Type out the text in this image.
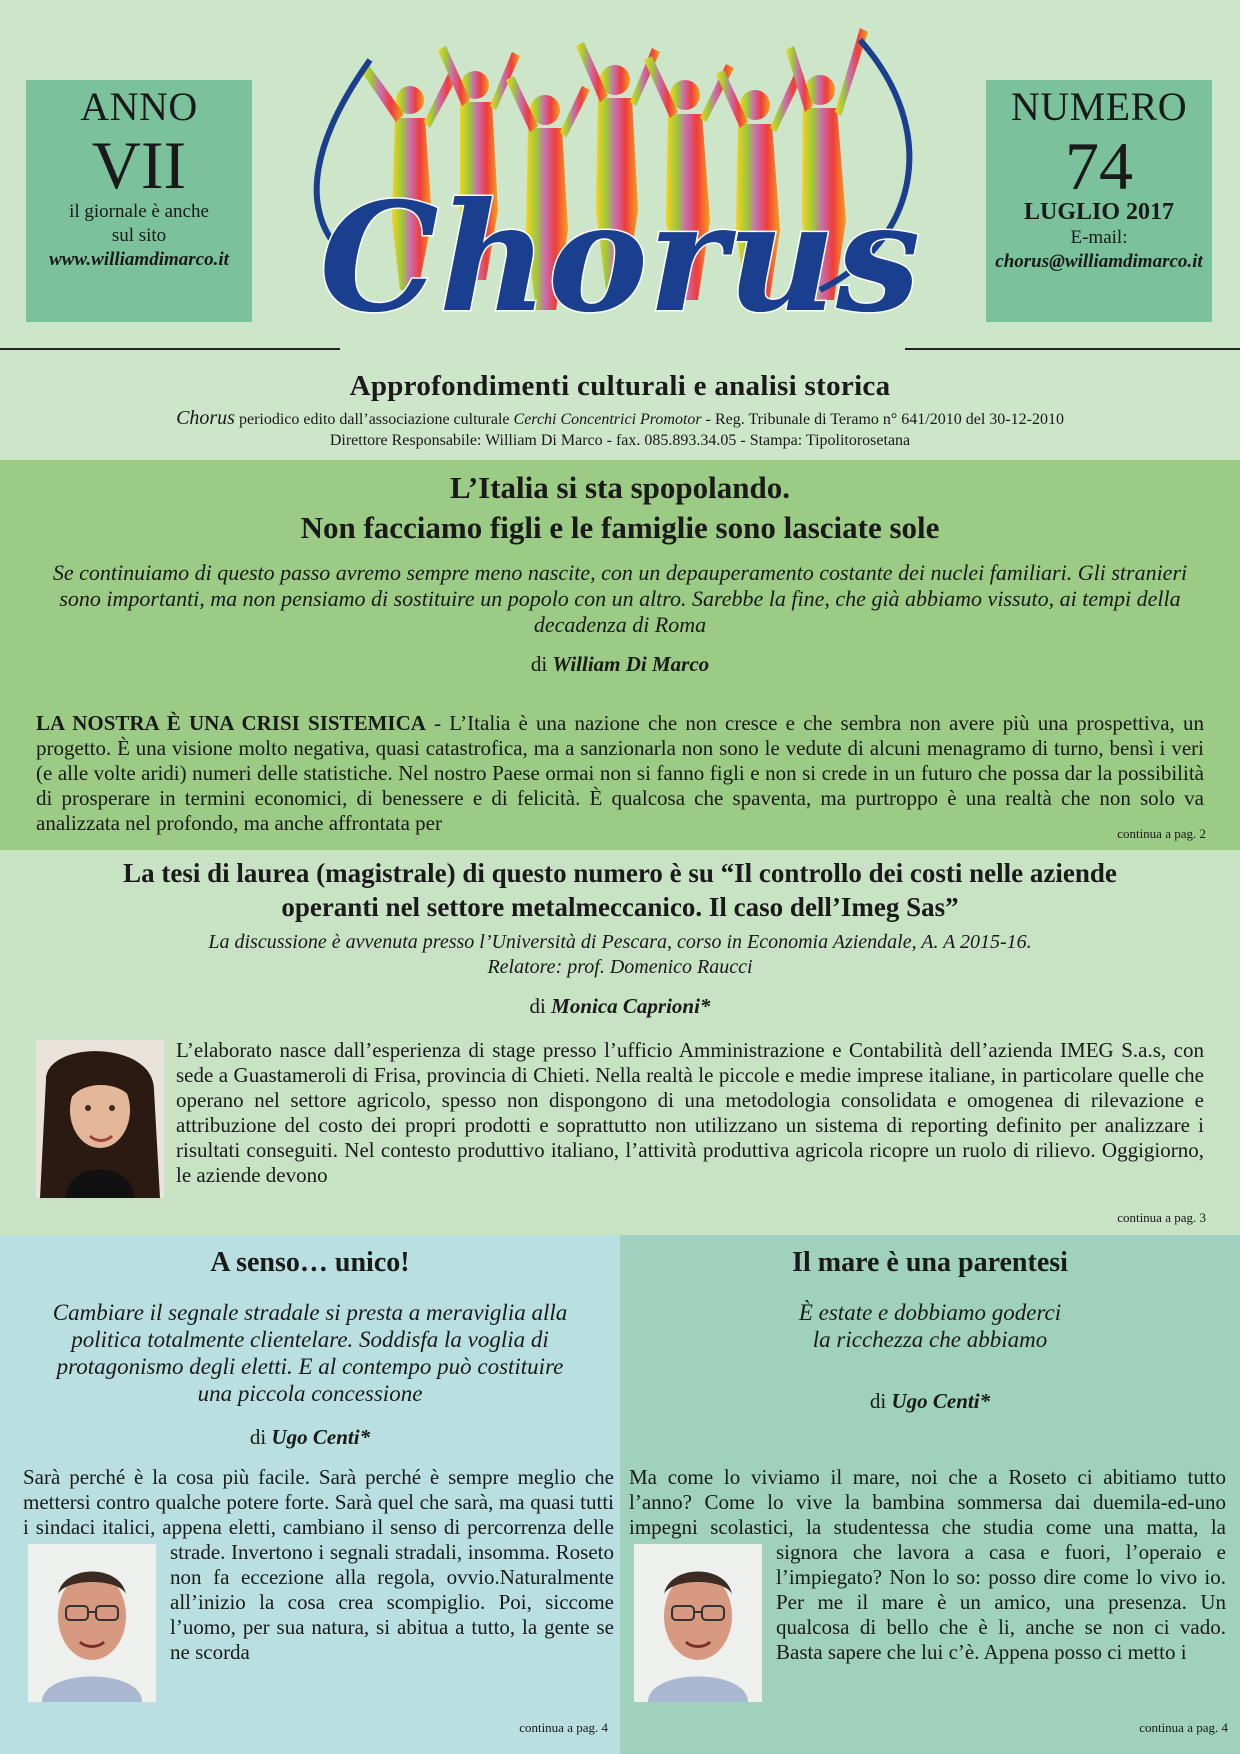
ANNO
VII
il giornale è anche
sul sito
www.williamdimarco.it
NUMERO
74
LUGLIO 2017
E-mail:
chorus@williamdimarco.it
Chorus
Approfondimenti culturali e analisi storica
Chorus periodico edito dall’associazione culturale Cerchi Concentrici Promotor - Reg. Tribunale di Teramo n° 641/2010 del 30-12-2010
Direttore Responsabile: William Di Marco - fax. 085.893.34.05 - Stampa: Tipolitorosetana
L’Italia si sta spopolando.
Non facciamo figli e le famiglie sono lasciate sole
Se continuiamo di questo passo avremo sempre meno nascite, con un depauperamento costante dei nuclei familiari. Gli stranieri sono importanti, ma non pensiamo di sostituire un popolo con un altro. Sarebbe la fine, che già abbiamo vissuto, ai tempi della decadenza di Roma
di William Di Marco
LA NOSTRA È UNA CRISI SISTEMICA - L’Italia è una nazione che non cresce e che sembra non avere più una prospettiva, un progetto. È una visione molto negativa, quasi catastrofica, ma a sanzionarla non sono le vedute di alcuni menagramo di turno, bensì i veri (e alle volte aridi) numeri delle statistiche. Nel nostro Paese ormai non si fanno figli e non si crede in un futuro che possa dar la possibilità di prosperare in termini economici, di benessere e di felicità. È qualcosa che spaventa, ma purtroppo è una realtà che non solo va analizzata nel profondo, ma anche affrontata per	continua a pag. 2
La tesi di laurea (magistrale) di questo numero è su “Il controllo dei costi nelle aziende
operanti nel settore metalmeccanico. Il caso dell’Imeg Sas”
La discussione è avvenuta presso l’Università di Pescara, corso in Economia Aziendale, A. A 2015-16.
Relatore: prof. Domenico Raucci
di Monica Caprioni*
L’elaborato nasce dall’esperienza di stage presso l’ufficio Amministrazione e Contabilità dell’azienda IMEG S.a.s, con sede a Guastameroli di Frisa, provincia di Chieti. Nella realtà le piccole e medie imprese italiane, in particolare quelle che operano nel settore agricolo, spesso non dispongono di una metodologia consolidata e omogenea di rilevazione e attribuzione del costo dei propri prodotti e soprattutto non utilizzano un sistema di reporting definito per analizzare i risultati conseguiti. Nel contesto produttivo italiano, l’attività produttiva agricola ricopre un ruolo di rilievo. Oggigiorno, le aziende devono
continua a pag. 3
A senso… unico!
Cambiare il segnale stradale si presta a meraviglia alla politica totalmente clientelare. Soddisfa la voglia di protagonismo degli eletti. E al contempo può costituire una piccola concessione
di Ugo Centi*
Sarà perché è la cosa più facile. Sarà perché è sempre meglio che mettersi contro qualche potere forte. Sarà quel che sarà, ma quasi tutti i sindaci italici, appena eletti, cambiano il senso di percorrenza delle strade. Invertono i segnali stradali, insomma. Roseto non fa eccezione alla regola, ovvio.Naturalmente all’inizio la cosa crea scompiglio. Poi, siccome l’uomo, per sua natura, si abitua a tutto, la gente se ne scorda
continua a pag. 4
Il mare è una parentesi
È estate e dobbiamo goderci
la ricchezza che abbiamo
di Ugo Centi*
Ma come lo viviamo il mare, noi che a Roseto ci abitiamo tutto l’anno? Come lo vive la bambina sommersa dai duemila-ed-uno impegni scolastici, la studentessa che studia come una matta, la signora che lavora a casa e fuori, l’operaio e l’impiegato? Non lo so: posso dire come lo vivo io. Per me il mare è un amico, una presenza. Un qualcosa di bello che è li, anche se non ci vado. Basta sapere che lui c’è. Appena posso ci metto i
continua a pag. 4
